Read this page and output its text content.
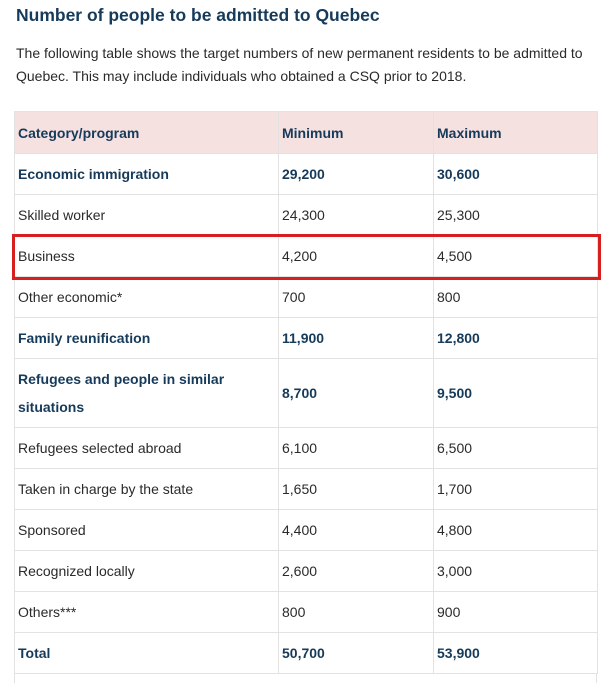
Number of people to be admitted to Quebec

The following table shows the target numbers of new permanent residents to be admitted to Quebec. This may include individuals who obtained a CSQ prior to 2018.

Category/program	Minimum	Maximum
Economic immigration	29,200	30,600
Skilled worker	24,300	25,300
Business	4,200	4,500
Other economic*	700	800
Family reunification	11,900	12,800
Refugees and people in similar situations	8,700	9,500
Refugees selected abroad	6,100	6,500
Taken in charge by the state	1,650	1,700
Sponsored	4,400	4,800
Recognized locally	2,600	3,000
Others***	800	900
Total	50,700	53,900
